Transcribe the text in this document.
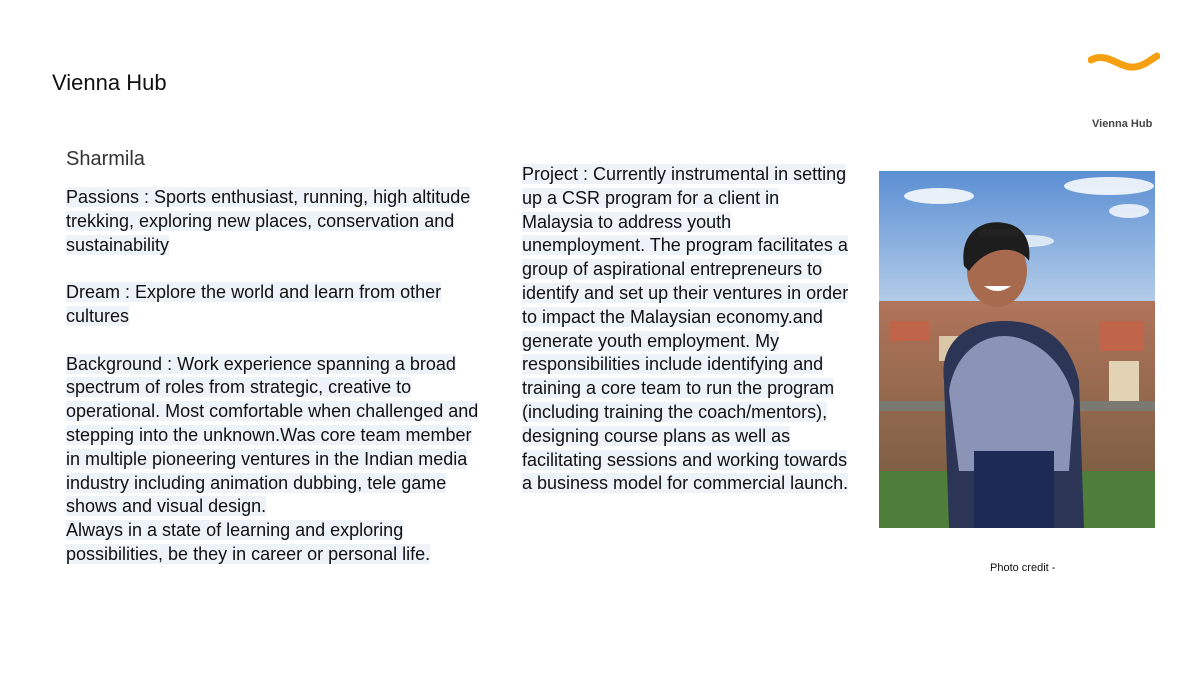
Vienna Hub
Vienna Hub
Sharmila

Passions : Sports enthusiast, running, high altitude trekking, exploring new places, conservation and sustainability

Dream : Explore the world and learn from other cultures

Background : Work experience spanning a broad spectrum of roles from strategic, creative to operational. Most comfortable when challenged and stepping into the unknown.Was core team member in multiple pioneering ventures in the Indian media industry including animation dubbing, tele game shows and visual design.

Always in a state of learning and exploring possibilities, be they in career or personal life.

Project : Currently instrumental in setting up a CSR program for a client in Malaysia to address youth unemployment. The program facilitates a group of aspirational entrepreneurs to identify and set up their ventures in order to impact the Malaysian economy.and generate youth employment. My responsibilities include identifying and training a core team to run the program (including training the coach/mentors), designing course plans as well as facilitating sessions and working towards a business model for commercial launch.

Photo credit -
